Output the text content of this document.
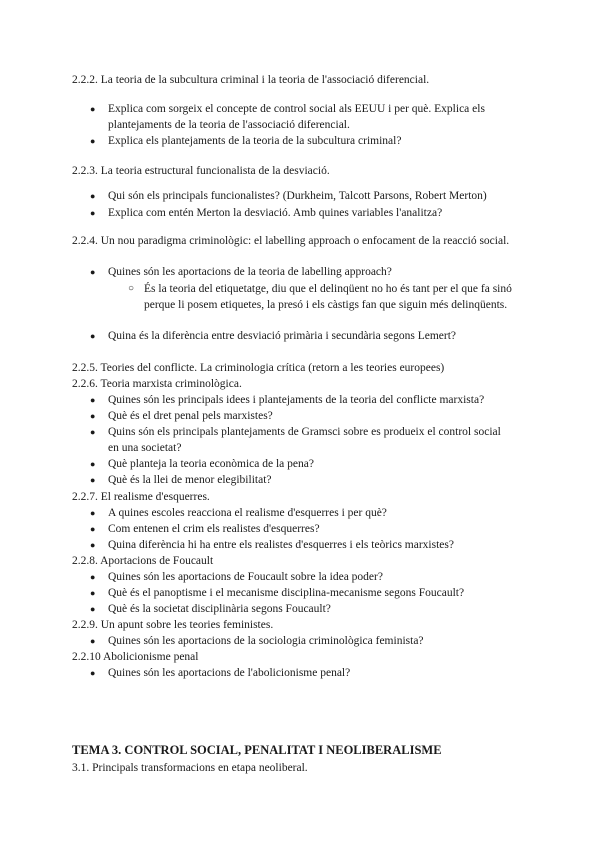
2.2.2. La teoria de la subcultura criminal i la teoria de l'associació diferencial.
●	Explica com sorgeix el concepte de control social als EEUU i per què. Explica els plantejaments de la teoria de l'associació diferencial.
●	Explica els plantejaments de la teoria de la subcultura criminal?
2.2.3. La teoria estructural funcionalista de la desviació.
●	Qui són els principals funcionalistes? (Durkheim, Talcott Parsons, Robert Merton)
●	Explica com entén Merton la desviació. Amb quines variables l'analitza?
2.2.4. Un nou paradigma criminològic: el labelling approach o enfocament de la reacció social.
●	Quines són les aportacions de la teoria de labelling approach?
○ És la teoria del etiquetatge, diu que el delinqüent no ho és tant per el que fa sinó perque li posem etiquetes, la presó i els càstigs fan que siguin més delinqüents.
●	Quina és la diferència entre desviació primària i secundària segons Lemert?
2.2.5. Teories del conflicte. La criminologia crítica (retorn a les teories europees)
2.2.6. Teoria marxista criminològica.
●	Quines són les principals idees i plantejaments de la teoria del conflicte marxista?
●	Què és el dret penal pels marxistes?
●	Quins són els principals plantejaments de Gramsci sobre es produeix el control social en una societat?
●	Què planteja la teoria econòmica de la pena?
●	Què és la llei de menor elegibilitat?
2.2.7. El realisme d'esquerres.
●	A quines escoles reacciona el realisme d'esquerres i per què?
●	Com entenen el crim els realistes d'esquerres?
●	Quina diferència hi ha entre els realistes d'esquerres i els teòrics marxistes?
2.2.8. Aportacions de Foucault
●	Quines són les aportacions de Foucault sobre la idea poder?
●	Què és el panoptisme i el mecanisme disciplina-mecanisme segons Foucault?
●	Què és la societat disciplinària segons Foucault?
2.2.9. Un apunt sobre les teories feministes.
●	Quines són les aportacions de la sociologia criminològica feminista?
2.2.10 Abolicionisme penal
●	Quines són les aportacions de l'abolicionisme penal?
TEMA 3. CONTROL SOCIAL, PENALITAT I NEOLIBERALISME
3.1. Principals transformacions en etapa neoliberal.
